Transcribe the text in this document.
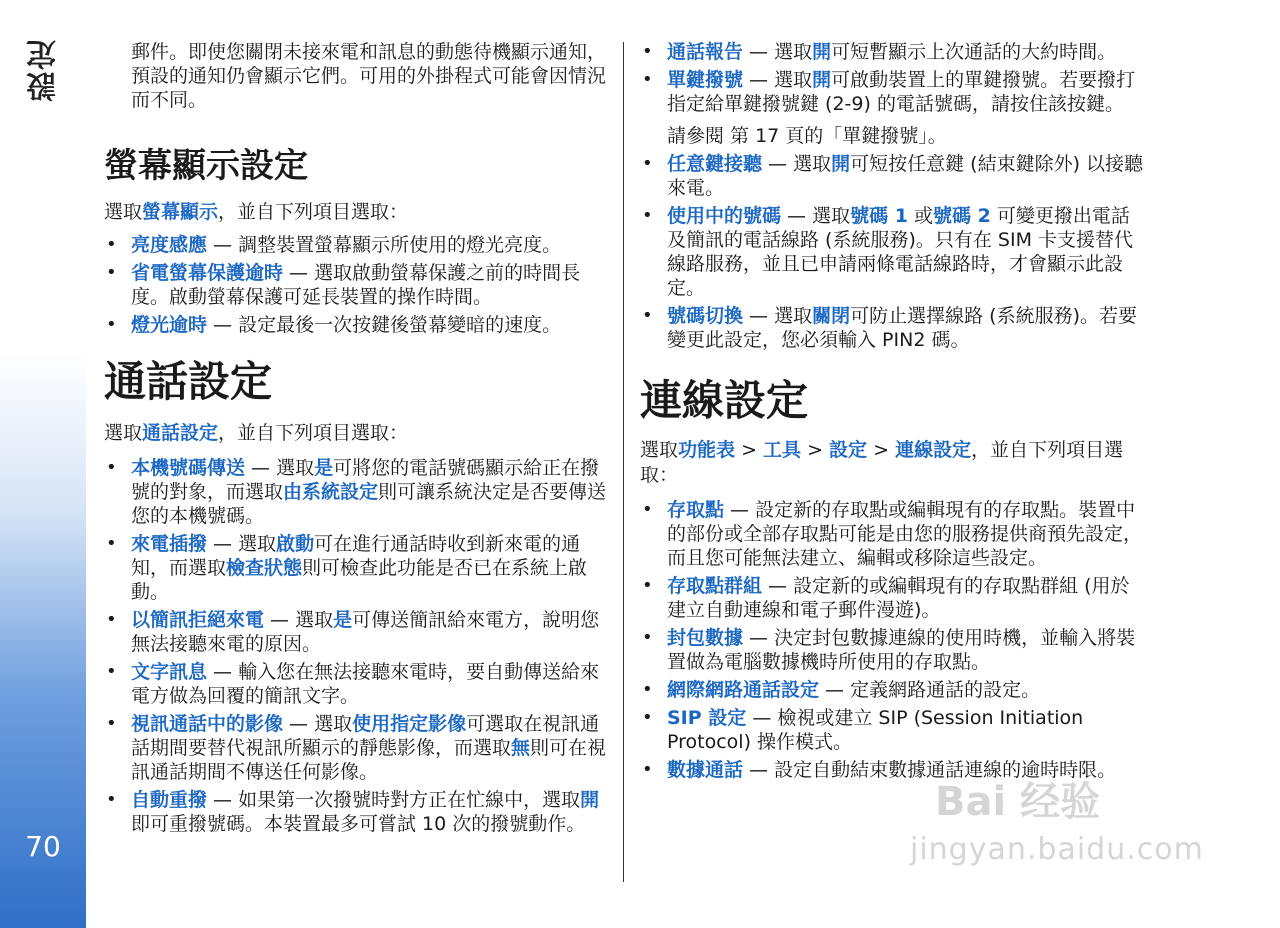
設定
70

郵件。即使您關閉未接來電和訊息的動態待機顯示通知，預設的通知仍會顯示它們。可用的外掛程式可能會因情況而不同。

螢幕顯示設定

選取螢幕顯示，並自下列項目選取：

• 亮度感應 — 調整裝置螢幕顯示所使用的燈光亮度。
• 省電螢幕保護逾時 — 選取啟動螢幕保護之前的時間長度。啟動螢幕保護可延長裝置的操作時間。
• 燈光逾時 — 設定最後一次按鍵後螢幕變暗的速度。
通話設定

選取通話設定，並自下列項目選取：

• 本機號碼傳送 — 選取是可將您的電話號碼顯示給正在撥號的對象，而選取由系統設定則可讓系統決定是否要傳送您的本機號碼。
• 來電插撥 — 選取啟動可在進行通話時收到新來電的通知，而選取檢查狀態則可檢查此功能是否已在系統上啟動。
• 以簡訊拒絕來電 — 選取是可傳送簡訊給來電方，說明您無法接聽來電的原因。
• 文字訊息 — 輸入您在無法接聽來電時，要自動傳送給來電方做為回覆的簡訊文字。
• 視訊通話中的影像 — 選取使用指定影像可選取在視訊通話期間要替代視訊所顯示的靜態影像，而選取無則可在視訊通話期間不傳送任何影像。
• 自動重撥 — 如果第一次撥號時對方正在忙線中，選取開即可重撥號碼。本裝置最多可嘗試 10 次的撥號動作。
• 通話報告 — 選取開可短暫顯示上次通話的大約時間。
• 單鍵撥號 — 選取開可啟動裝置上的單鍵撥號。若要撥打指定給單鍵撥號鍵 (2-9) 的電話號碼，請按住該按鍵。
請參閱 第 17 頁的「單鍵撥號」。
• 任意鍵接聽 — 選取開可短按任意鍵 (結束鍵除外) 以接聽來電。
• 使用中的號碼 — 選取號碼 1 或號碼 2 可變更撥出電話及簡訊的電話線路 (系統服務)。只有在 SIM 卡支援替代線路服務，並且已申請兩條電話線路時，才會顯示此設定。
• 號碼切換 — 選取關閉可防止選擇線路 (系統服務)。若要變更此設定，您必須輸入 PIN2 碼。
連線設定

選取功能表 > 工具 > 設定 > 連線設定，並自下列項目選取：

• 存取點 — 設定新的存取點或編輯現有的存取點。裝置中的部份或全部存取點可能是由您的服務提供商預先設定，而且您可能無法建立、編輯或移除這些設定。
• 存取點群組 — 設定新的或編輯現有的存取點群組 (用於建立自動連線和電子郵件漫遊)。
• 封包數據 — 決定封包數據連線的使用時機，並輸入將裝置做為電腦數據機時所使用的存取點。
• 網際網路通話設定 — 定義網路通話的設定。
• SIP 設定 — 檢視或建立 SIP (Session Initiation Protocol) 操作模式。
• 數據通話 — 設定自動結束數據通話連線的逾時時限。
Bai 经验
jingyan.baidu.com
